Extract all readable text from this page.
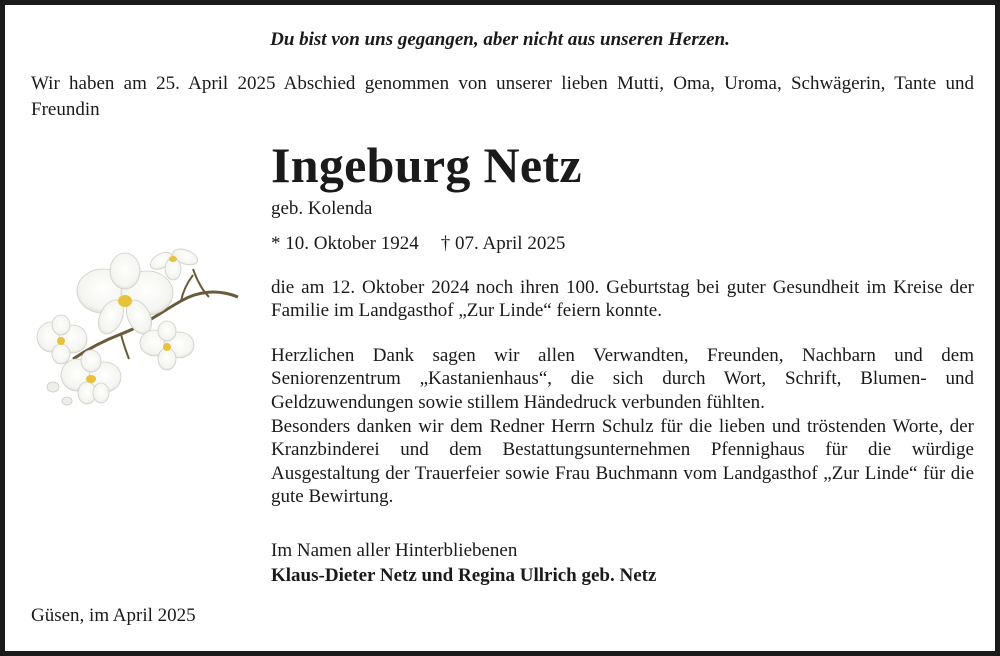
Du bist von uns gegangen, aber nicht aus unseren Herzen.
Wir haben am 25. April 2025 Abschied genommen von unserer lieben Mutti, Oma, Uroma, Schwägerin, Tante und Freundin
Ingeburg Netz
geb. Kolenda
* 10. Oktober 1924 † 07. April 2025
die am 12. Oktober 2024 noch ihren 100. Geburtstag bei guter Gesundheit im Kreise der Familie im Landgasthof „Zur Linde“ feiern konnte.
Herzlichen Dank sagen wir allen Verwandten, Freunden, Nachbarn und dem Seniorenzentrum „Kastanienhaus“, die sich durch Wort, Schrift, Blumen- und Geldzuwendungen sowie stillem Händedruck verbunden fühlten.
Besonders danken wir dem Redner Herrn Schulz für die lieben und tröstenden Worte, der Kranzbinderei und dem Bestattungsunternehmen Pfennighaus für die würdige Ausgestaltung der Trauerfeier sowie Frau Buchmann vom Landgasthof „Zur Linde“ für die gute Bewirtung.
Im Namen aller Hinterbliebenen
Klaus-Dieter Netz und Regina Ullrich geb. Netz
Güsen, im April 2025
